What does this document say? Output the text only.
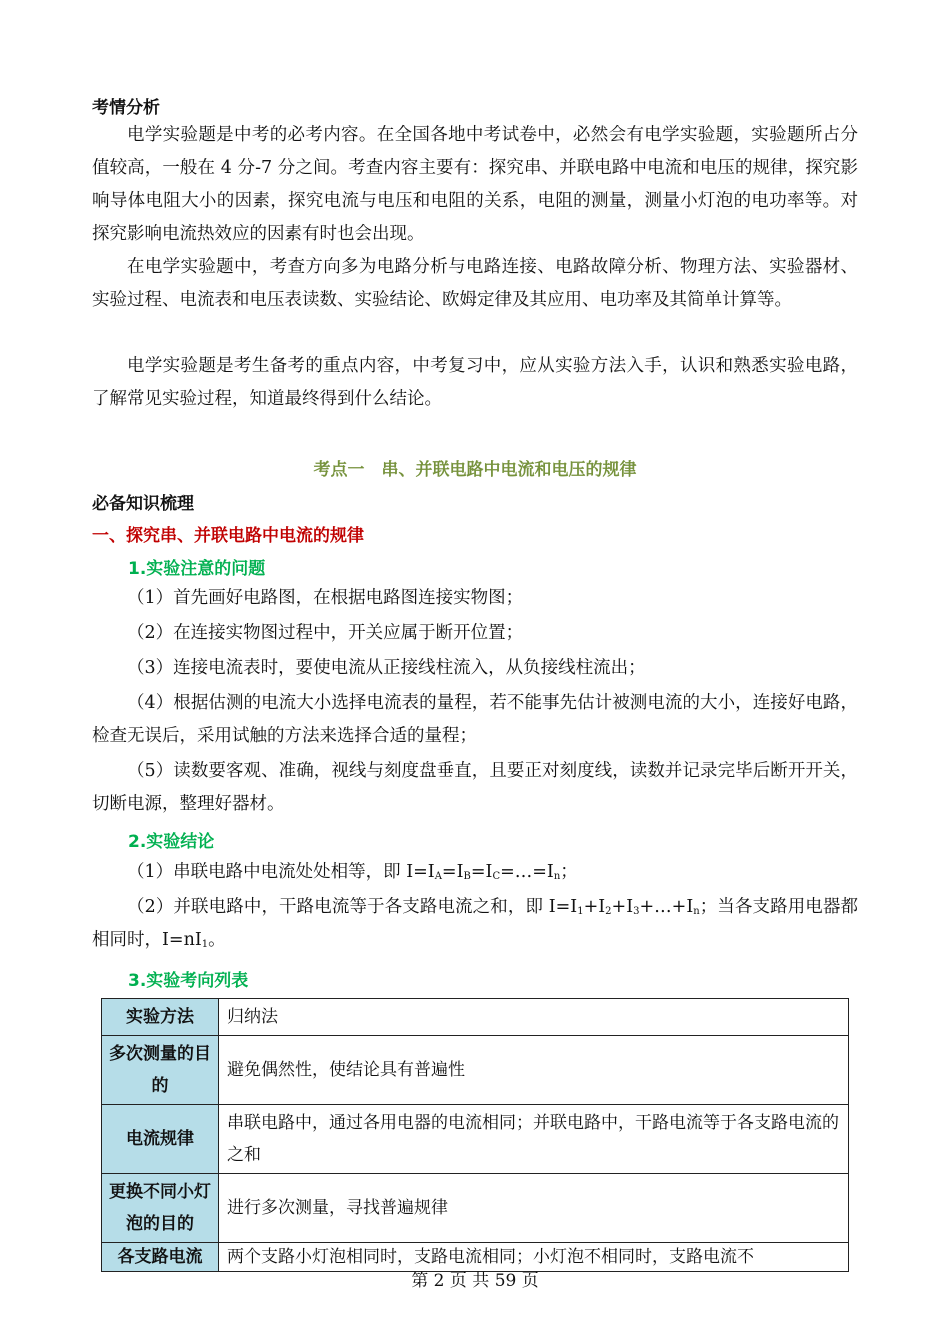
考情分析

电学实验题是中考的必考内容。在全国各地中考试卷中，必然会有电学实验题，实验题所占分值较高，一般在 4 分-7 分之间。考查内容主要有：探究串、并联电路中电流和电压的规律，探究影响导体电阻大小的因素，探究电流与电压和电阻的关系，电阻的测量，测量小灯泡的电功率等。对探究影响电流热效应的因素有时也会出现。

在电学实验题中，考查方向多为电路分析与电路连接、电路故障分析、物理方法、实验器材、实验过程、电流表和电压表读数、实验结论、欧姆定律及其应用、电功率及其简单计算等。

电学实验题是考生备考的重点内容，中考复习中，应从实验方法入手，认识和熟悉实验电路，了解常见实验过程，知道最终得到什么结论。

考点一　串、并联电路中电流和电压的规律
必备知识梳理
一、探究串、并联电路中电流的规律
1.实验注意的问题

（1）首先画好电路图，在根据电路图连接实物图；

（2）在连接实物图过程中，开关应属于断开位置；

（3）连接电流表时，要使电流从正接线柱流入，从负接线柱流出；

（4）根据估测的电流大小选择电流表的量程，若不能事先估计被测电流的大小，连接好电路，检查无误后，采用试触的方法来选择合适的量程；

（5）读数要客观、准确，视线与刻度盘垂直，且要正对刻度线，读数并记录完毕后断开开关，切断电源，整理好器材。

2.实验结论

（1）串联电路中电流处处相等，即 $I=I_A=I_B=I_C=\dots=I_n$；

（2）并联电路中，干路电流等于各支路电流之和，即 $I=I_1+I_2+I_3+\dots+I_n$；当各支路用电器都相同时，$I=nI_1$。

3.实验考向列表
实验方法	归纳法
多次测量的目的	避免偶然性，使结论具有普遍性
电流规律	串联电路中，通过各用电器的电流相同；并联电路中，干路电流等于各支路电流的之和
更换不同小灯泡的目的	进行多次测量，寻找普遍规律
各支路电流	两个支路小灯泡相同时，支路电流相同；小灯泡不相同时，支路电流不
第 2 页 共 59 页
